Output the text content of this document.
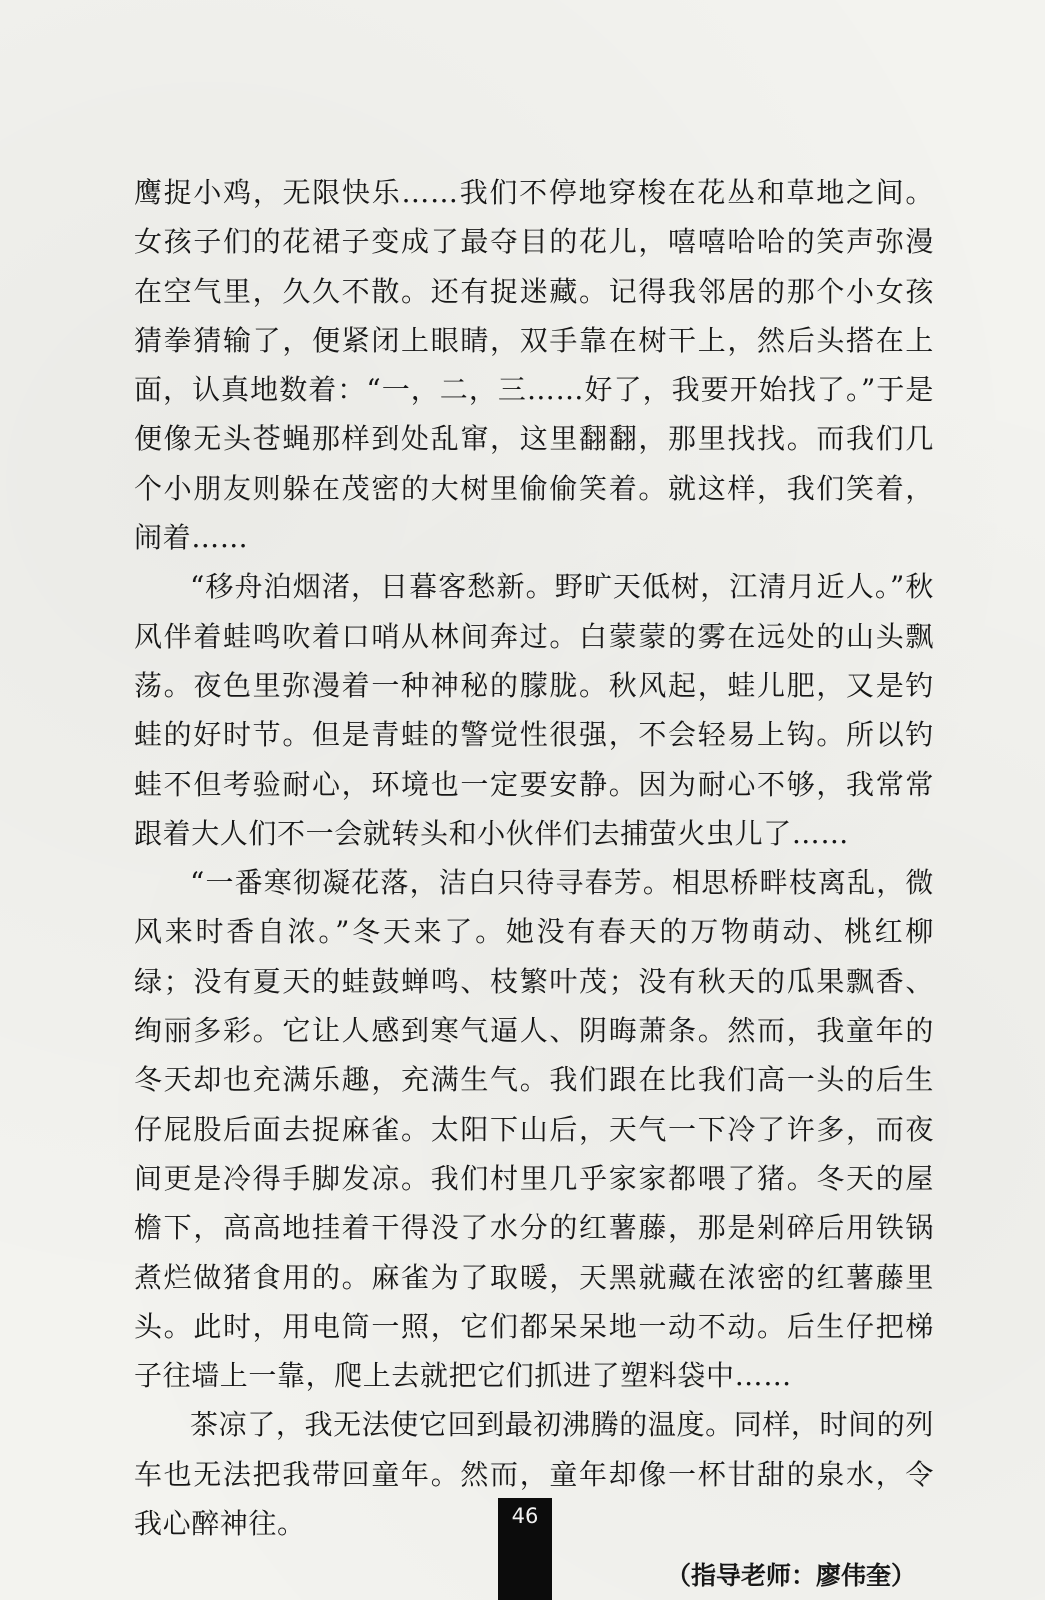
鹰捉小鸡，无限快乐……我们不停地穿梭在花丛和草地之间。女孩子们的花裙子变成了最夺目的花儿，嘻嘻哈哈的笑声弥漫在空气里，久久不散。还有捉迷藏。记得我邻居的那个小女孩猜拳猜输了，便紧闭上眼睛，双手靠在树干上，然后头搭在上面，认真地数着：“一，二，三……好了，我要开始找了。”于是便像无头苍蝇那样到处乱窜，这里翻翻，那里找找。而我们几个小朋友则躲在茂密的大树里偷偷笑着。就这样，我们笑着，闹着……

“移舟泊烟渚，日暮客愁新。野旷天低树，江清月近人。”秋风伴着蛙鸣吹着口哨从林间奔过。白蒙蒙的雾在远处的山头飘荡。夜色里弥漫着一种神秘的朦胧。秋风起，蛙儿肥，又是钓蛙的好时节。但是青蛙的警觉性很强，不会轻易上钩。所以钓蛙不但考验耐心，环境也一定要安静。因为耐心不够，我常常跟着大人们不一会就转头和小伙伴们去捕萤火虫儿了……

“一番寒彻凝花落，洁白只待寻春芳。相思桥畔枝离乱，微风来时香自浓。”冬天来了。她没有春天的万物萌动、桃红柳绿；没有夏天的蛙鼓蝉鸣、枝繁叶茂；没有秋天的瓜果飘香、绚丽多彩。它让人感到寒气逼人、阴晦萧条。然而，我童年的冬天却也充满乐趣，充满生气。我们跟在比我们高一头的后生仔屁股后面去捉麻雀。太阳下山后，天气一下冷了许多，而夜间更是冷得手脚发凉。我们村里几乎家家都喂了猪。冬天的屋檐下，高高地挂着干得没了水分的红薯藤，那是剁碎后用铁锅煮烂做猪食用的。麻雀为了取暖，天黑就藏在浓密的红薯藤里头。此时，用电筒一照，它们都呆呆地一动不动。后生仔把梯子往墙上一靠，爬上去就把它们抓进了塑料袋中……

茶凉了，我无法使它回到最初沸腾的温度。同样，时间的列车也无法把我带回童年。然而，童年却像一杯甘甜的泉水，令我心醉神往。

（指导老师：廖伟奎）

46
